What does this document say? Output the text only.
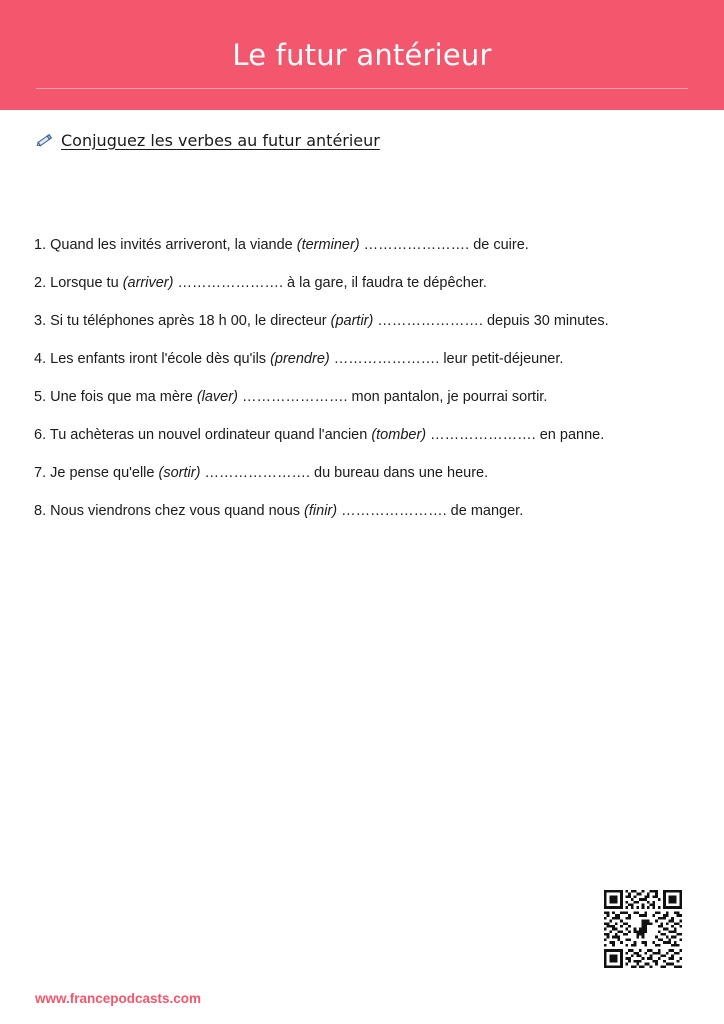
Le futur antérieur
Conjuguez les verbes au futur antérieur
1. Quand les invités arriveront, la viande (terminer) …………………. de cuire.
2. Lorsque tu (arriver) …………………. à la gare, il faudra te dépêcher.
3. Si tu téléphones après 18 h 00, le directeur (partir) …………………. depuis 30 minutes.
4. Les enfants iront l'école dès qu'ils (prendre) …………………. leur petit-déjeuner.
5. Une fois que ma mère (laver) …………………. mon pantalon, je pourrai sortir.
6. Tu achèteras un nouvel ordinateur quand l'ancien (tomber) …………………. en panne.
7. Je pense qu'elle (sortir) …………………. du bureau dans une heure.
8. Nous viendrons chez vous quand nous (finir) …………………. de manger.
www.francepodcasts.com
